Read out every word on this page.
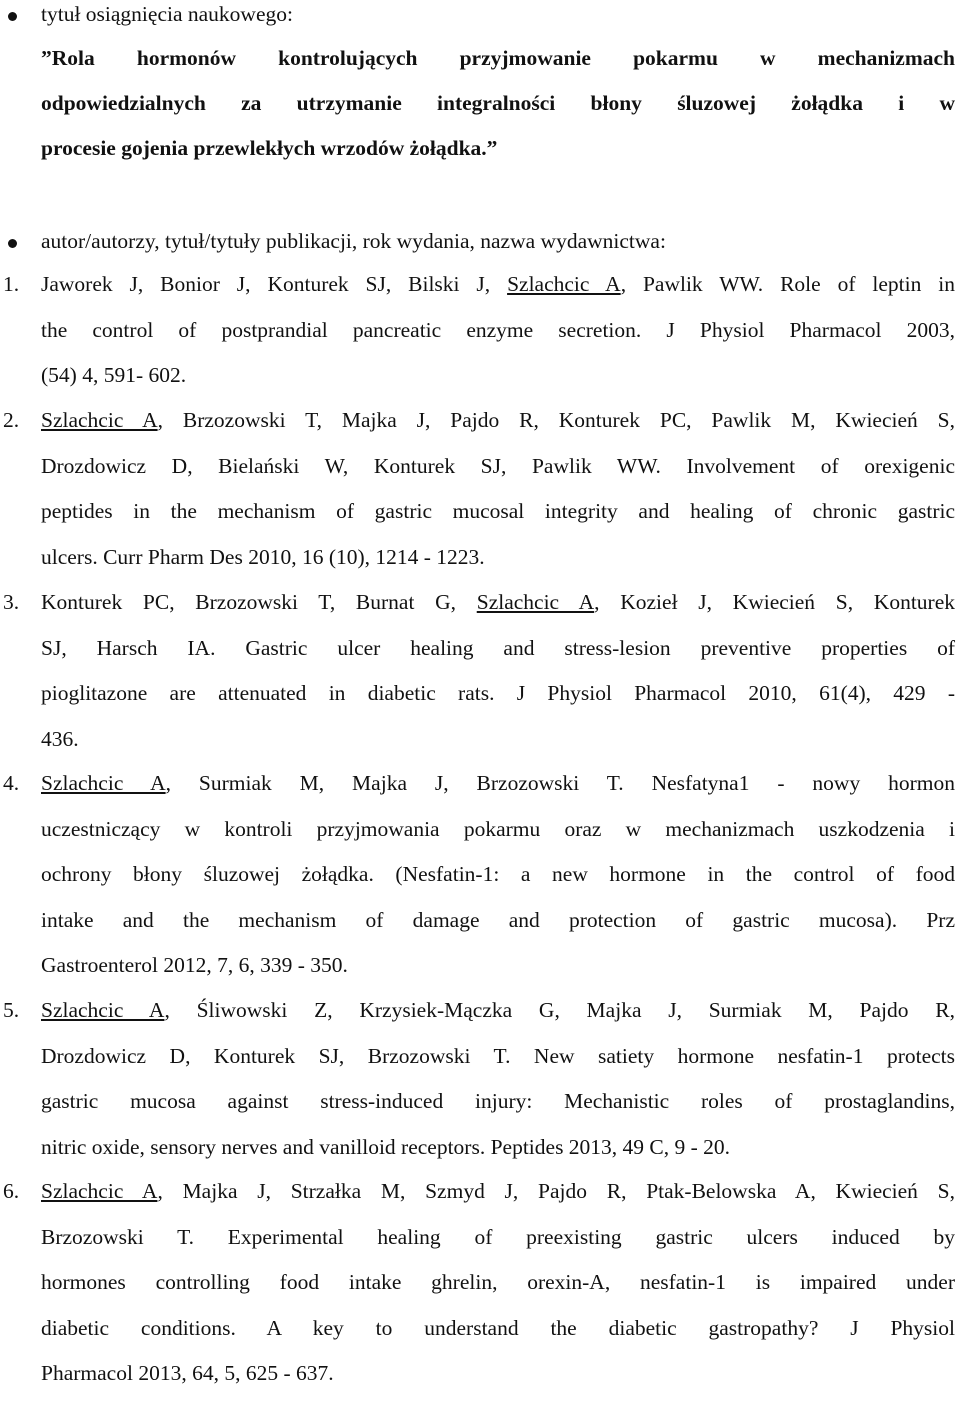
tytuł osiągnięcia naukowego:
”Rola hormonów kontrolujących przyjmowanie pokarmu w mechanizmach
odpowiedzialnych za utrzymanie integralności błony śluzowej żołądka i w
procesie gojenia przewlekłych wrzodów żołądka.”
autor/autorzy, tytuł/tytuły publikacji, rok wydania, nazwa wydawnictwa:
1. Jaworek J, Bonior J, Konturek SJ, Bilski J, Szlachcic A, Pawlik WW. Role of leptin in
the control of postprandial pancreatic enzyme secretion. J Physiol Pharmacol 2003,
(54) 4, 591- 602.
2. Szlachcic A, Brzozowski T, Majka J, Pajdo R, Konturek PC, Pawlik M, Kwiecień S,
Drozdowicz D, Bielański W, Konturek SJ, Pawlik WW. Involvement of orexigenic
peptides in the mechanism of gastric mucosal integrity and healing of chronic gastric
ulcers. Curr Pharm Des 2010, 16 (10), 1214 - 1223.
3. Konturek PC, Brzozowski T, Burnat G, Szlachcic A, Kozieł J, Kwiecień S, Konturek
SJ, Harsch IA. Gastric ulcer healing and stress-lesion preventive properties of
pioglitazone are attenuated in diabetic rats. J Physiol Pharmacol 2010, 61(4), 429 -
436.
4. Szlachcic A, Surmiak M, Majka J, Brzozowski T. Nesfatyna1 - nowy hormon
uczestniczący w kontroli przyjmowania pokarmu oraz w mechanizmach uszkodzenia i
ochrony błony śluzowej żołądka. (Nesfatin-1: a new hormone in the control of food
intake and the mechanism of damage and protection of gastric mucosa). Prz
Gastroenterol 2012, 7, 6, 339 - 350.
5. Szlachcic A, Śliwowski Z, Krzysiek-Mączka G, Majka J, Surmiak M, Pajdo R,
Drozdowicz D, Konturek SJ, Brzozowski T. New satiety hormone nesfatin-1 protects
gastric mucosa against stress-induced injury: Mechanistic roles of prostaglandins,
nitric oxide, sensory nerves and vanilloid receptors. Peptides 2013, 49 C, 9 - 20.
6. Szlachcic A, Majka J, Strzałka M, Szmyd J, Pajdo R, Ptak-Belowska A, Kwiecień S,
Brzozowski T. Experimental healing of preexisting gastric ulcers induced by
hormones controlling food intake ghrelin, orexin-A, nesfatin-1 is impaired under
diabetic conditions. A key to understand the diabetic gastropathy? J Physiol
Pharmacol 2013, 64, 5, 625 - 637.
